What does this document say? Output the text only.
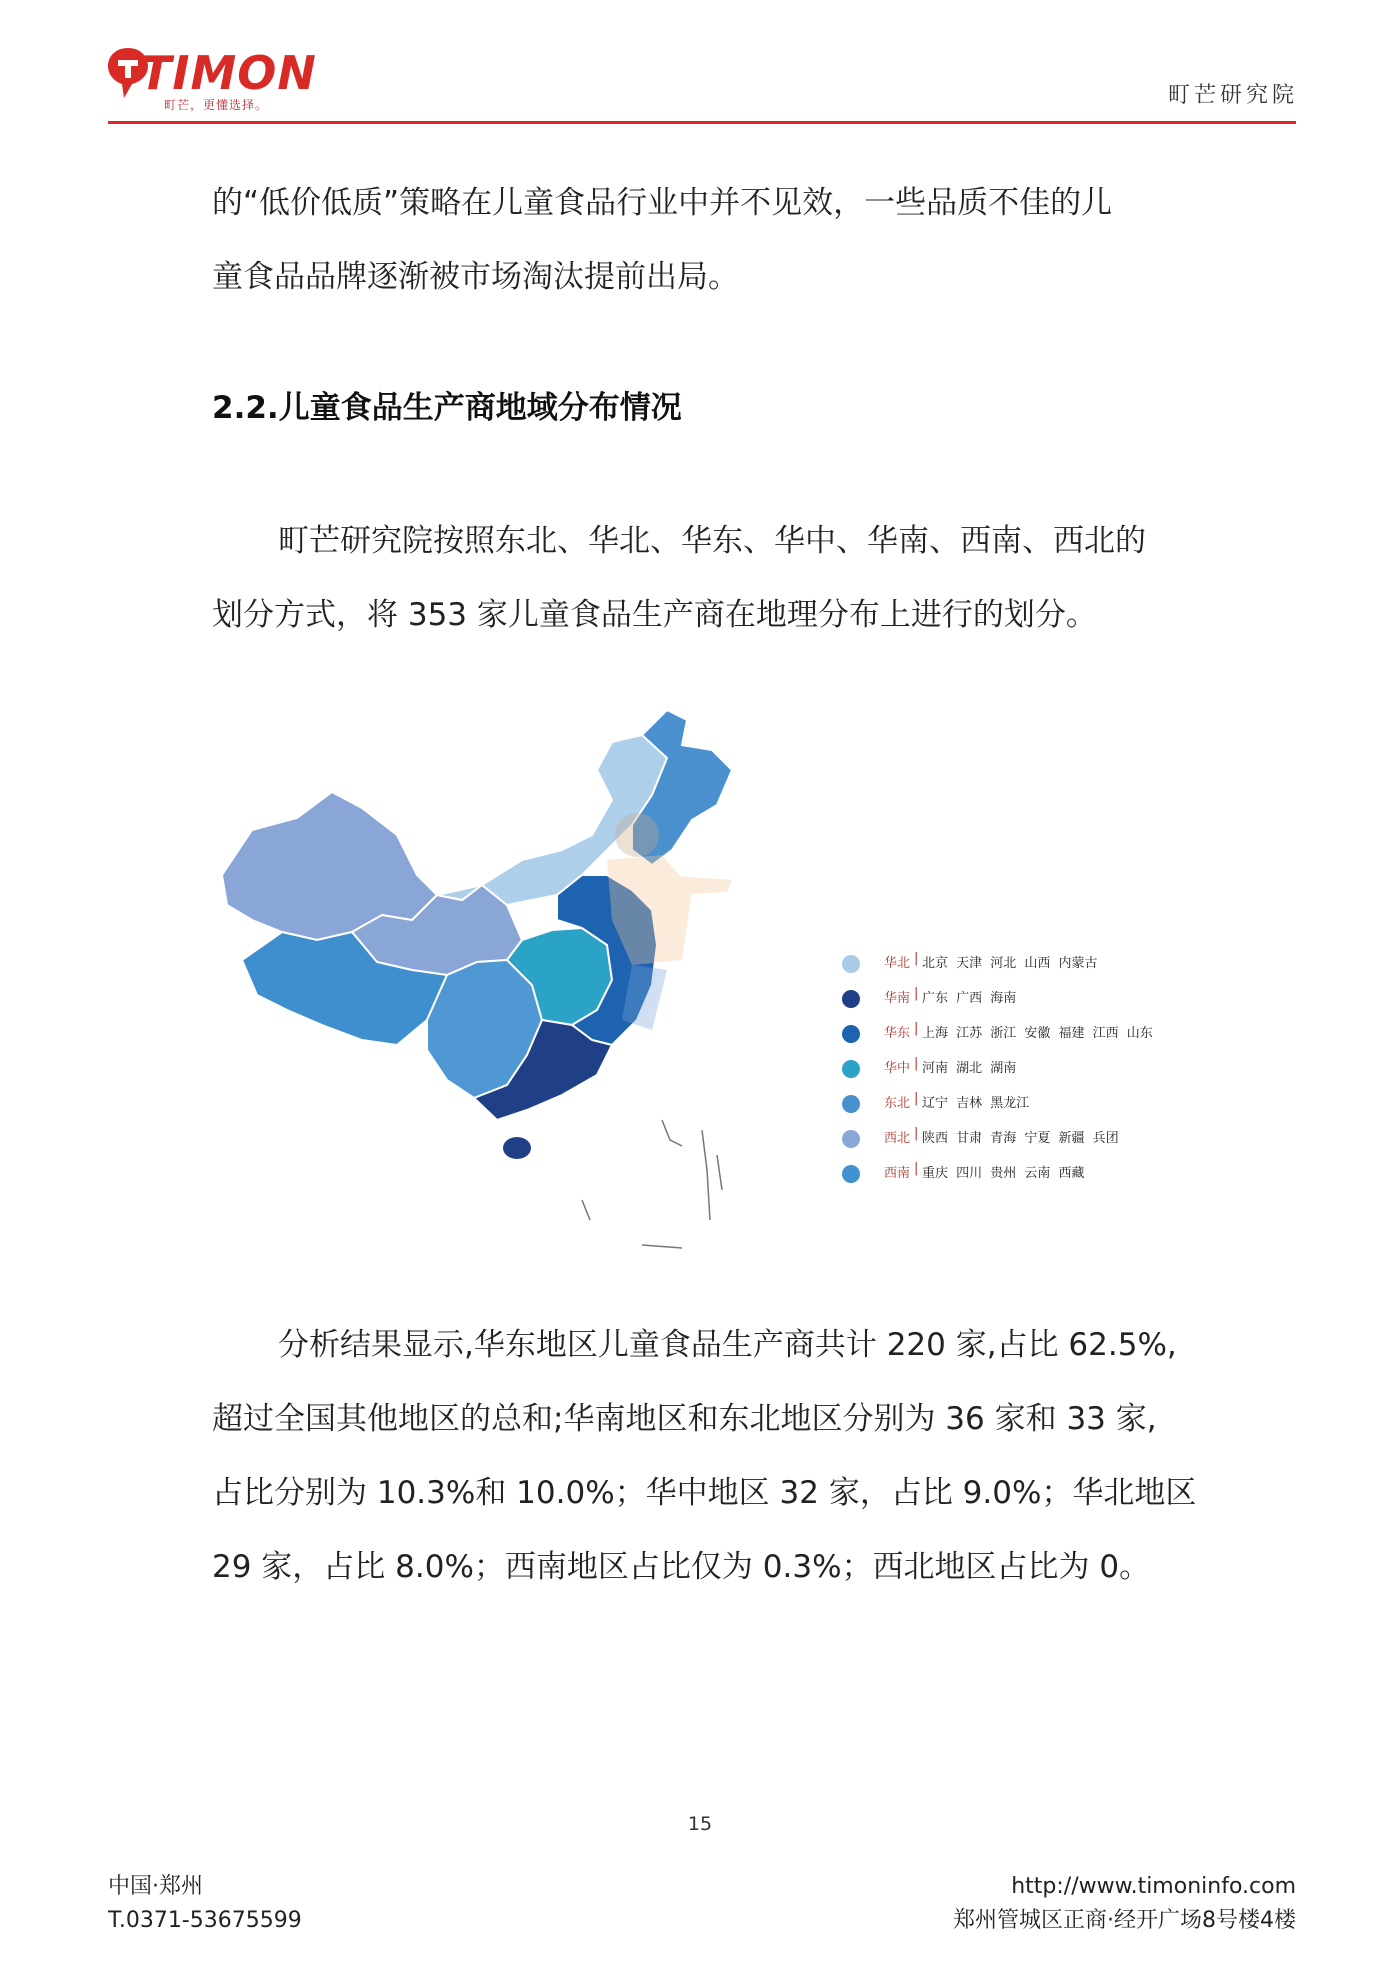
TIMON
町芒，更懂选择。	町芒研究院

的“低价低质”策略在儿童食品行业中并不见效，一些品质不佳的儿
童食品品牌逐渐被市场淘汰提前出局。

2.2.儿童食品生产商地域分布情况

町芒研究院按照东北、华北、华东、华中、华南、西南、西北的
划分方式，将 353 家儿童食品生产商在地理分布上进行的划分。

华北 | 北京 天津 河北 山西 内蒙古
华南 | 广东 广西 海南
华东 | 上海 江苏 浙江 安徽 福建 江西 山东
华中 | 河南 湖北 湖南
东北 | 辽宁 吉林 黑龙江
西北 | 陕西 甘肃 青海 宁夏 新疆 兵团
西南 | 重庆 四川 贵州 云南 西藏

分析结果显示,华东地区儿童食品生产商共计 220 家,占比 62.5%,
超过全国其他地区的总和;华南地区和东北地区分别为 36 家和 33 家,
占比分别为 10.3%和 10.0%；华中地区 32 家，占比 9.0%；华北地区
29 家，占比 8.0%；西南地区占比仅为 0.3%；西北地区占比为 0。

15
中国·郑州
T.0371-53675599
http://www.timoninfo.com
郑州管城区正商·经开广场8号楼4楼
